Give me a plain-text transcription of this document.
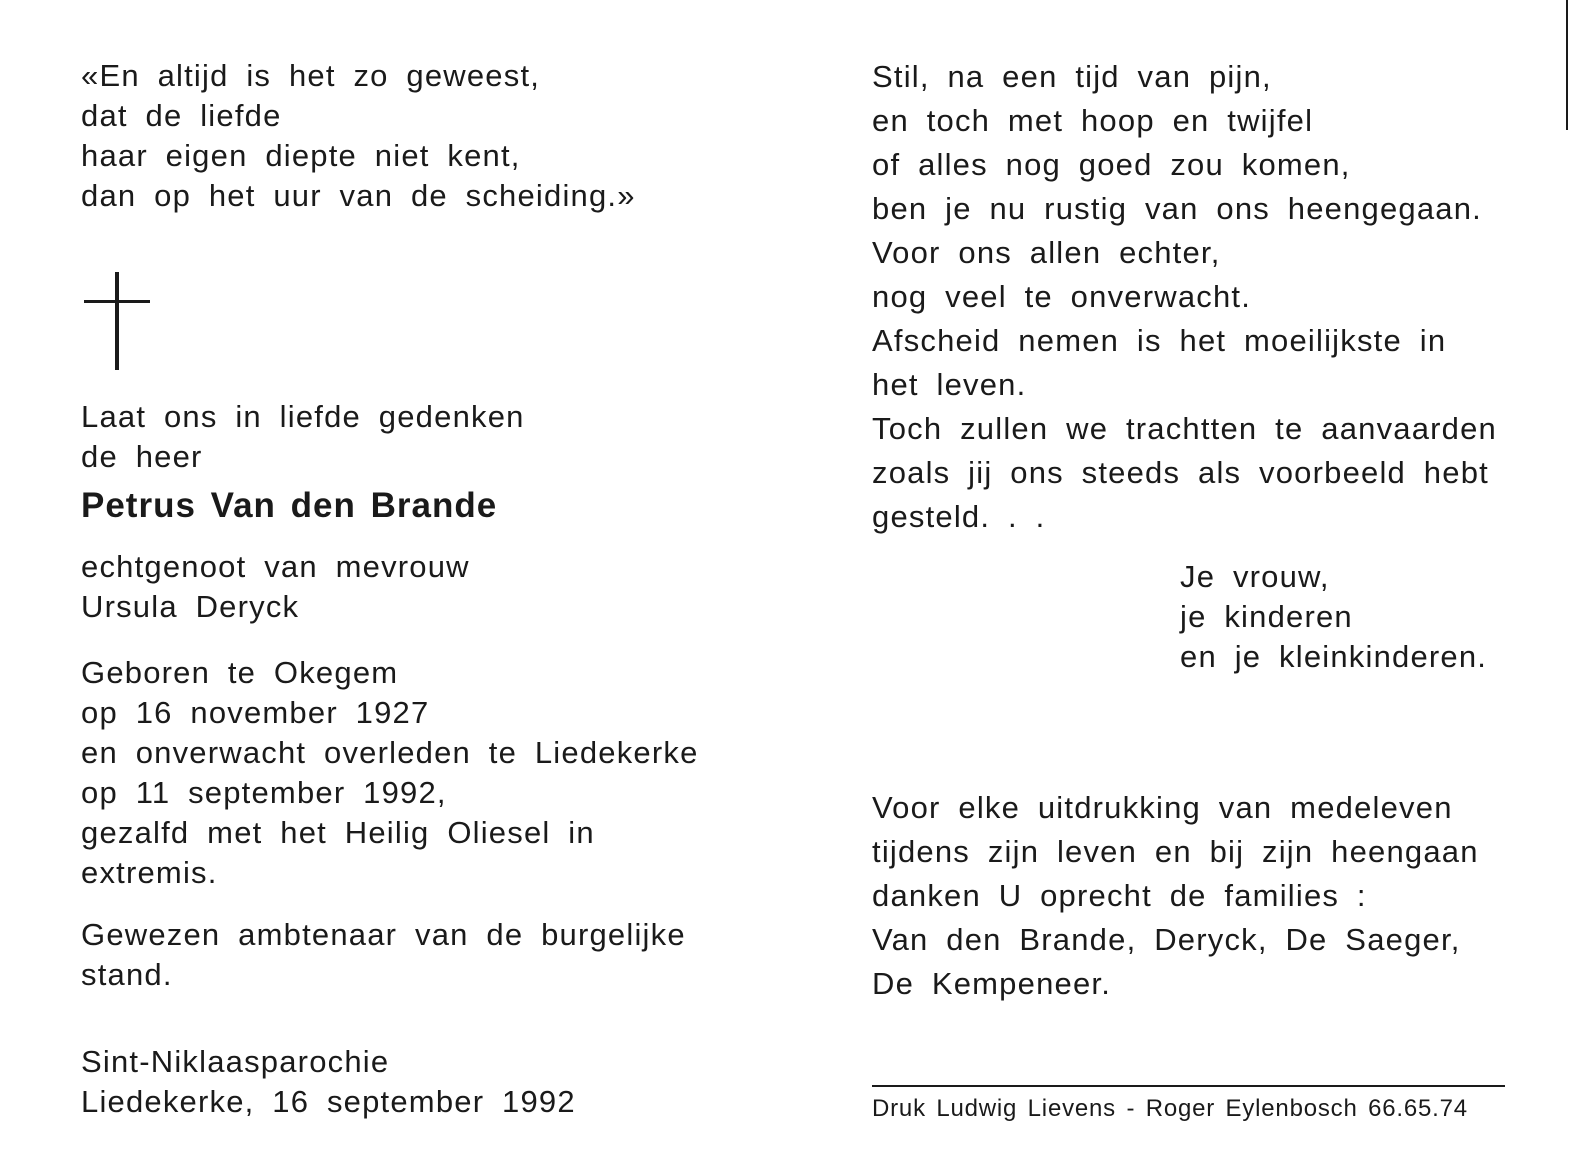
«En altijd is het zo geweest,
dat de liefde
haar eigen diepte niet kent,
dan op het uur van de scheiding.»
Laat ons in liefde gedenken
de heer
Petrus Van den Brande
echtgenoot van mevrouw
Ursula Deryck
Geboren te Okegem
op 16 november 1927
en onverwacht overleden te Liedekerke
op 11 september 1992,
gezalfd met het Heilig Oliesel in
extremis.
Gewezen ambtenaar van de burgelijke
stand.
Sint-Niklaasparochie
Liedekerke, 16 september 1992
Stil, na een tijd van pijn,
en toch met hoop en twijfel
of alles nog goed zou komen,
ben je nu rustig van ons heengegaan.
Voor ons allen echter,
nog veel te onverwacht.
Afscheid nemen is het moeilijkste in
het leven.
Toch zullen we trachtten te aanvaarden
zoals jij ons steeds als voorbeeld hebt
gesteld. . .
Je vrouw,
je kinderen
en je kleinkinderen.
Voor elke uitdrukking van medeleven
tijdens zijn leven en bij zijn heengaan
danken U oprecht de families :
Van den Brande, Deryck, De Saeger,
De Kempeneer.
Druk Ludwig Lievens - Roger Eylenbosch 66.65.74
